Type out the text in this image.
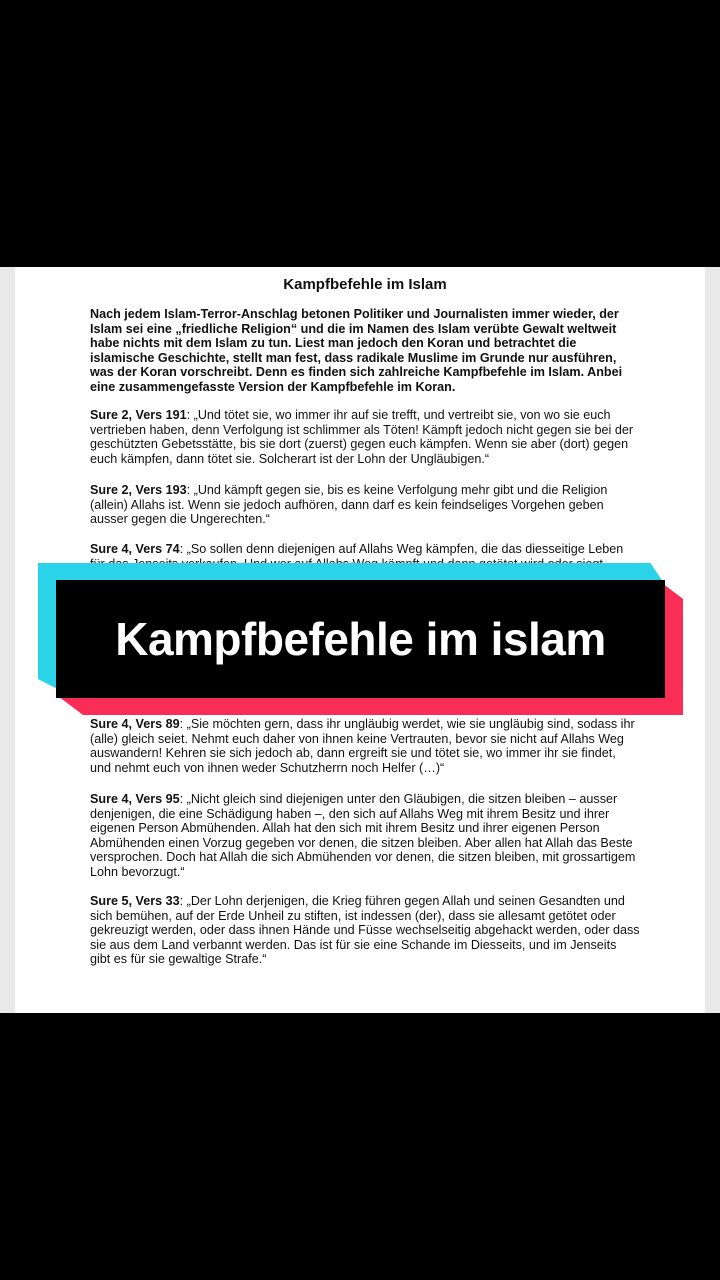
Kampfbefehle im Islam
Nach jedem Islam-Terror-Anschlag betonen Politiker und Journalisten immer wieder, der Islam sei eine „friedliche Religion“ und die im Namen des Islam verübte Gewalt weltweit habe nichts mit dem Islam zu tun. Liest man jedoch den Koran und betrachtet die islamische Geschichte, stellt man fest, dass radikale Muslime im Grunde nur ausführen, was der Koran vorschreibt. Denn es finden sich zahlreiche Kampfbefehle im Islam. Anbei eine zusammengefasste Version der Kampfbefehle im Koran.
Sure 2, Vers 191: „Und tötet sie, wo immer ihr auf sie trefft, und vertreibt sie, von wo sie euch vertrieben haben, denn Verfolgung ist schlimmer als Töten! Kämpft jedoch nicht gegen sie bei der geschützten Gebetsstätte, bis sie dort (zuerst) gegen euch kämpfen. Wenn sie aber (dort) gegen euch kämpfen, dann tötet sie. Solcherart ist der Lohn der Ungläubigen.“
Sure 2, Vers 193: „Und kämpft gegen sie, bis es keine Verfolgung mehr gibt und die Religion (allein) Allahs ist. Wenn sie jedoch aufhören, dann darf es kein feindseliges Vorgehen geben ausser gegen die Ungerechten.“
Sure 4, Vers 74: „So sollen denn diejenigen auf Allahs Weg kämpfen, die das diesseitige Leben
Sure 4, Vers 89: „Sie möchten gern, dass ihr ungläubig werdet, wie sie ungläubig sind, sodass ihr (alle) gleich seiet. Nehmt euch daher von ihnen keine Vertrauten, bevor sie nicht auf Allahs Weg auswandern! Kehren sie sich jedoch ab, dann ergreift sie und tötet sie, wo immer ihr sie findet, und nehmt euch von ihnen weder Schutzherrn noch Helfer (…)“
Sure 4, Vers 95: „Nicht gleich sind diejenigen unter den Gläubigen, die sitzen bleiben – ausser denjenigen, die eine Schädigung haben –, den sich auf Allahs Weg mit ihrem Besitz und ihrer eigenen Person Abmühenden. Allah hat den sich mit ihrem Besitz und ihrer eigenen Person Abmühenden einen Vorzug gegeben vor denen, die sitzen bleiben. Aber allen hat Allah das Beste versprochen. Doch hat Allah die sich Abmühenden vor denen, die sitzen bleiben, mit grossartigem Lohn bevorzugt.“
Sure 5, Vers 33: „Der Lohn derjenigen, die Krieg führen gegen Allah und seinen Gesandten und sich bemühen, auf der Erde Unheil zu stiften, ist indessen (der), dass sie allesamt getötet oder gekreuzigt werden, oder dass ihnen Hände und Füsse wechselseitig abgehackt werden, oder dass sie aus dem Land verbannt werden. Das ist für sie eine Schande im Diesseits, und im Jenseits gibt es für sie gewaltige Strafe.“
Kampfbefehle im islam
